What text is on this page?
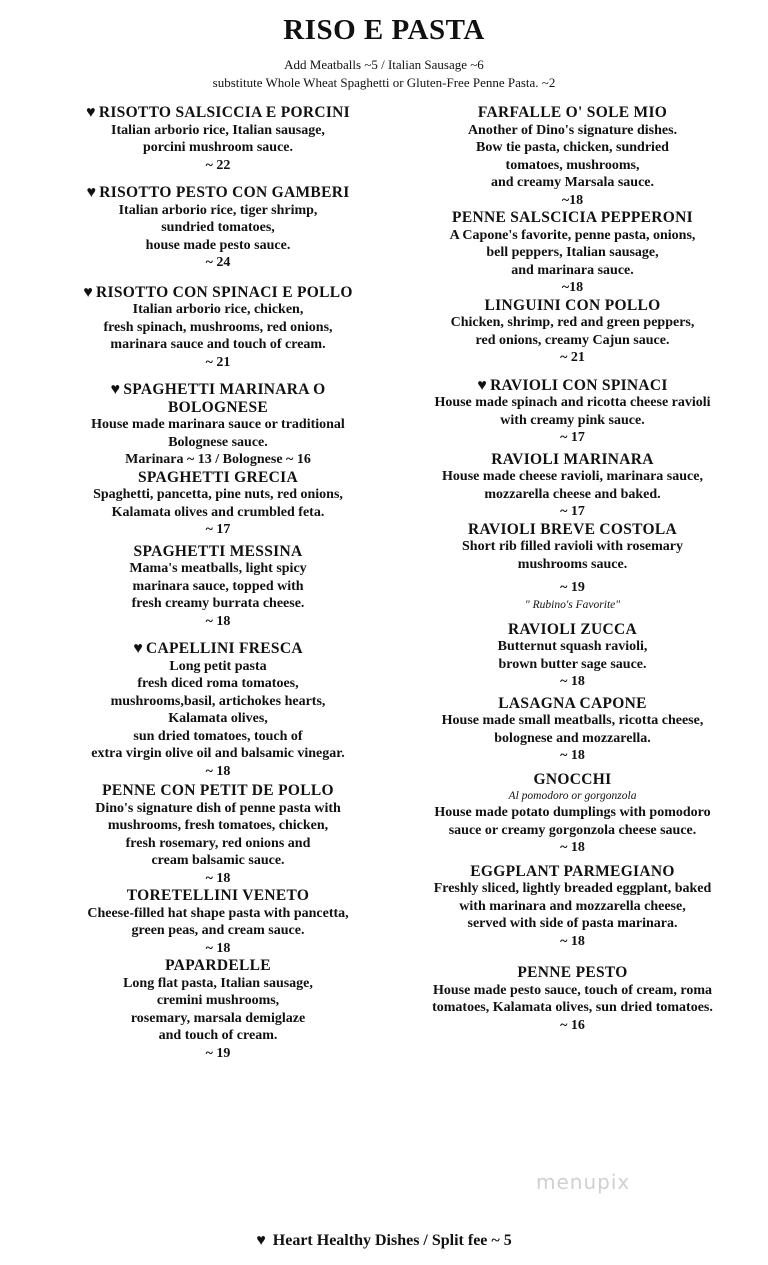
RISO E PASTA
Add Meatballs ~5 / Italian Sausage ~6
substitute Whole Wheat Spaghetti or Gluten-Free Penne Pasta. ~2
♥ RISOTTO SALSICCIA E PORCINI
Italian arborio rice, Italian sausage,
porcini mushroom sauce.
~ 22
♥ RISOTTO PESTO CON GAMBERI
Italian arborio rice, tiger shrimp,
sundried tomatoes,
house made pesto sauce.
~ 24
♥ RISOTTO CON SPINACI E POLLO
Italian arborio rice, chicken,
fresh spinach, mushrooms, red onions,
marinara sauce and touch of cream.
~ 21
♥ SPAGHETTI MARINARA O
BOLOGNESE
House made marinara sauce or traditional
Bolognese sauce.
Marinara ~ 13 / Bolognese ~ 16
SPAGHETTI GRECIA
Spaghetti, pancetta, pine nuts, red onions,
Kalamata olives and crumbled feta.
~ 17
SPAGHETTI MESSINA
Mama's meatballs, light spicy
marinara sauce, topped with
fresh creamy burrata cheese.
~ 18
♥ CAPELLINI FRESCA
Long petit pasta
fresh diced roma tomatoes,
mushrooms,basil, artichokes hearts,
Kalamata olives,
sun dried tomatoes, touch of
extra virgin olive oil and balsamic vinegar.
~ 18
PENNE CON PETIT DE POLLO
Dino's signature dish of penne pasta with
mushrooms, fresh tomatoes, chicken,
fresh rosemary, red onions and
cream balsamic sauce.
~ 18
TORETELLINI VENETO
Cheese-filled hat shape pasta with pancetta,
green peas, and cream sauce.
~ 18
PAPARDELLE
Long flat pasta, Italian sausage,
cremini mushrooms,
rosemary, marsala demiglaze
and touch of cream.
~ 19
FARFALLE O' SOLE MIO
Another of Dino's signature dishes.
Bow tie pasta, chicken, sundried
tomatoes, mushrooms,
and creamy Marsala sauce.
~18
PENNE SALSCICIA PEPPERONI
A Capone's favorite, penne pasta, onions,
bell peppers, Italian sausage,
and marinara sauce.
~18
LINGUINI CON POLLO
Chicken, shrimp, red and green peppers,
red onions, creamy Cajun sauce.
~ 21
♥ RAVIOLI CON SPINACI
House made spinach and ricotta cheese ravioli
with creamy pink sauce.
~ 17
RAVIOLI MARINARA
House made cheese ravioli, marinara sauce,
mozzarella cheese and baked.
~ 17
RAVIOLI BREVE COSTOLA
Short rib filled ravioli with rosemary
mushrooms sauce.
~ 19
" Rubino's Favorite"
RAVIOLI ZUCCA
Butternut squash ravioli,
brown butter sage sauce.
~ 18
LASAGNA CAPONE
House made small meatballs, ricotta cheese,
bolognese and mozzarella.
~ 18
GNOCCHI
Al pomodoro or gorgonzola
House made potato dumplings with pomodoro
sauce or creamy gorgonzola cheese sauce.
~ 18
EGGPLANT PARMEGIANO
Freshly sliced, lightly breaded eggplant, baked
with marinara and mozzarella cheese,
served with side of pasta marinara.
~ 18
PENNE PESTO
House made pesto sauce, touch of cream, roma
tomatoes, Kalamata olives, sun dried tomatoes.
~ 16
♥ Heart Healthy Dishes / Split fee ~ 5
menupix
